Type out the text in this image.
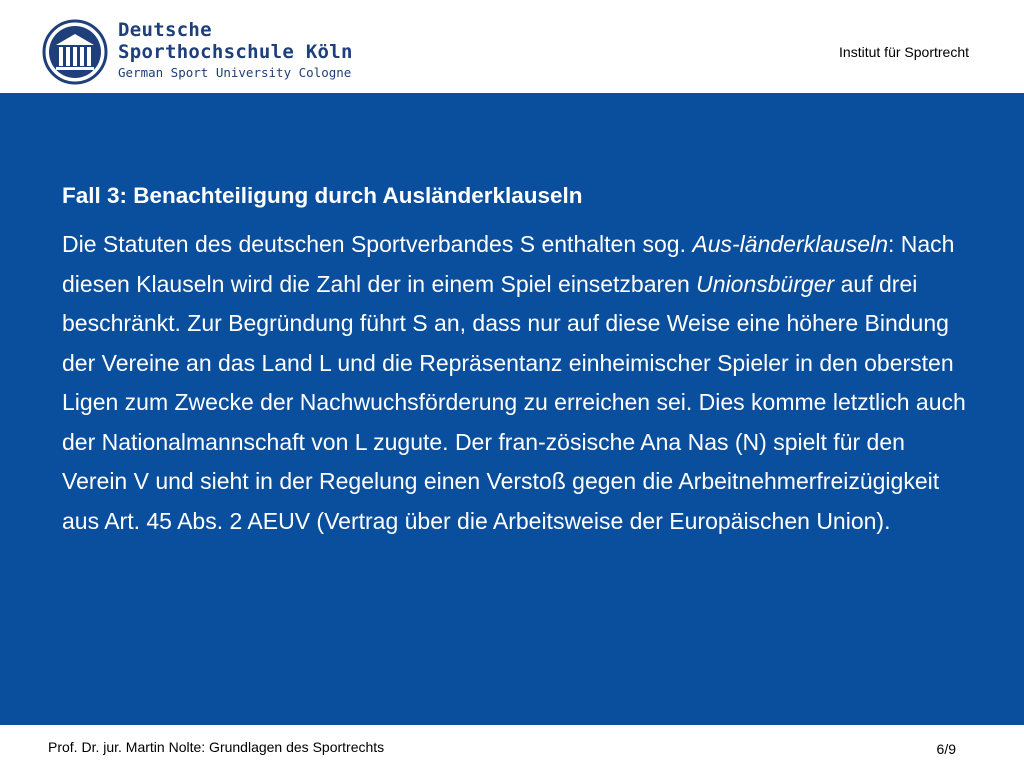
Deutsche
Sporthochschule Köln
German Sport University Cologne
Institut für Sportrecht
Fall 3: Benachteiligung durch Ausländerklauseln

Die Statuten des deutschen Sportverbandes S enthalten sog. Aus-länderklauseln: Nach diesen Klauseln wird die Zahl der in einem Spiel einsetzbaren Unionsbürger auf drei beschränkt. Zur Begründung führt S an, dass nur auf diese Weise eine höhere Bindung der Vereine an das Land L und die Repräsentanz einheimischer Spieler in den obersten Ligen zum Zwecke der Nachwuchsförderung zu erreichen sei. Dies komme letztlich auch der Nationalmannschaft von L zugute. Der fran-zösische Ana Nas (N) spielt für den Verein V und sieht in der Regelung einen Verstoß gegen die Arbeitnehmerfreizügigkeit aus Art. 45 Abs. 2 AEUV (Vertrag über die Arbeitsweise der Europäischen Union).

Prof. Dr. jur. Martin Nolte: Grundlagen des Sportrechts	6/9
